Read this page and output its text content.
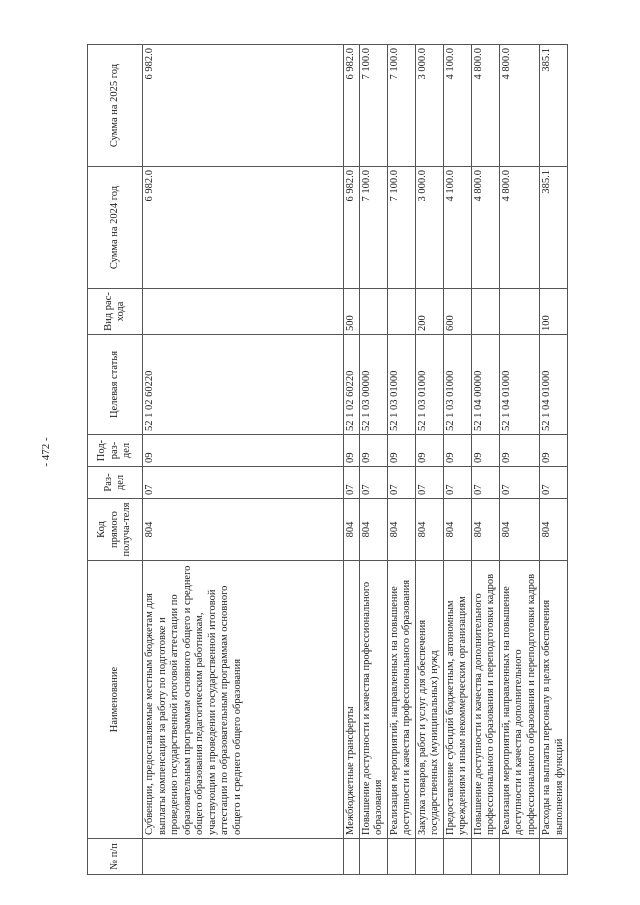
- 472 -
№ п/п	Наименование	Код прямого получа-теля	Раз-дел	Под-раз-дел	Целевая статья	Вид рас-хода	Сумма на 2024 год	Сумма на 2025 год
	Субвенции, предоставляемые местным бюджетам для выплаты компенсации за работу по подготовке и проведению государственной итоговой аттестации по образовательным программам основного общего и среднего общего образования педагогическим работникам, участвующим в проведении государственной итоговой аттестации по образовательным программам основного общего и среднего общего образования	804	07	09	52 1 02 60220		6 982.0	6 982.0
	Межбюджетные трансферты	804	07	09	52 1 02 60220	500	6 982.0	6 982.0
	Повышение доступности и качества профессионального образования	804	07	09	52 1 03 00000		7 100.0	7 100.0
	Реализация мероприятий, направленных на повышение доступности и качества профессионального образования	804	07	09	52 1 03 01000		7 100.0	7 100.0
	Закупка товаров, работ и услуг для обеспечения государственных (муниципальных) нужд	804	07	09	52 1 03 01000	200	3 000.0	3 000.0
	Предоставление субсидий бюджетным, автономным учреждениям и иным некоммерческим организациям	804	07	09	52 1 03 01000	600	4 100.0	4 100.0
	Повышение доступности и качества дополнительного профессионального образования и переподготовки кадров	804	07	09	52 1 04 00000		4 800.0	4 800.0
	Реализация мероприятий, направленных на повышение доступности и качества дополнительного профессионального образования и переподготовки кадров	804	07	09	52 1 04 01000		4 800.0	4 800.0
	Расходы на выплаты персоналу в целях обеспечения выполнения функций	804	07	09	52 1 04 01000	100	385.1	385.1
